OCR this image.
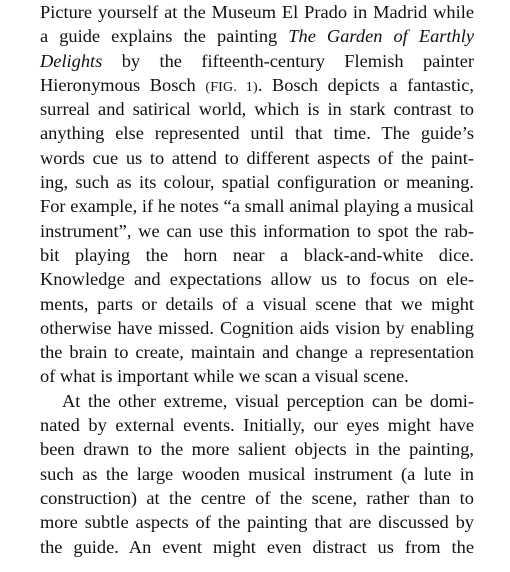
Picture yourself at the Museum El Prado in Madrid while
a guide explains the painting The Garden of Earthly
Delights by the fifteenth-century Flemish painter
Hieronymous Bosch (FIG. 1). Bosch depicts a fantastic,
surreal and satirical world, which is in stark contrast to
anything else represented until that time. The guide’s
words cue us to attend to different aspects of the paint-
ing, such as its colour, spatial configuration or meaning.
For example, if he notes “a small animal playing a musical
instrument”, we can use this information to spot the rab-
bit playing the horn near a black-and-white dice.
Knowledge and expectations allow us to focus on ele-
ments, parts or details of a visual scene that we might
otherwise have missed. Cognition aids vision by enabling
the brain to create, maintain and change a representation
of what is important while we scan a visual scene.
At the other extreme, visual perception can be domi-
nated by external events. Initially, our eyes might have
been drawn to the more salient objects in the painting,
such as the large wooden musical instrument (a lute in
construction) at the centre of the scene, rather than to
more subtle aspects of the painting that are discussed by
the guide. An event might even distract us from the
